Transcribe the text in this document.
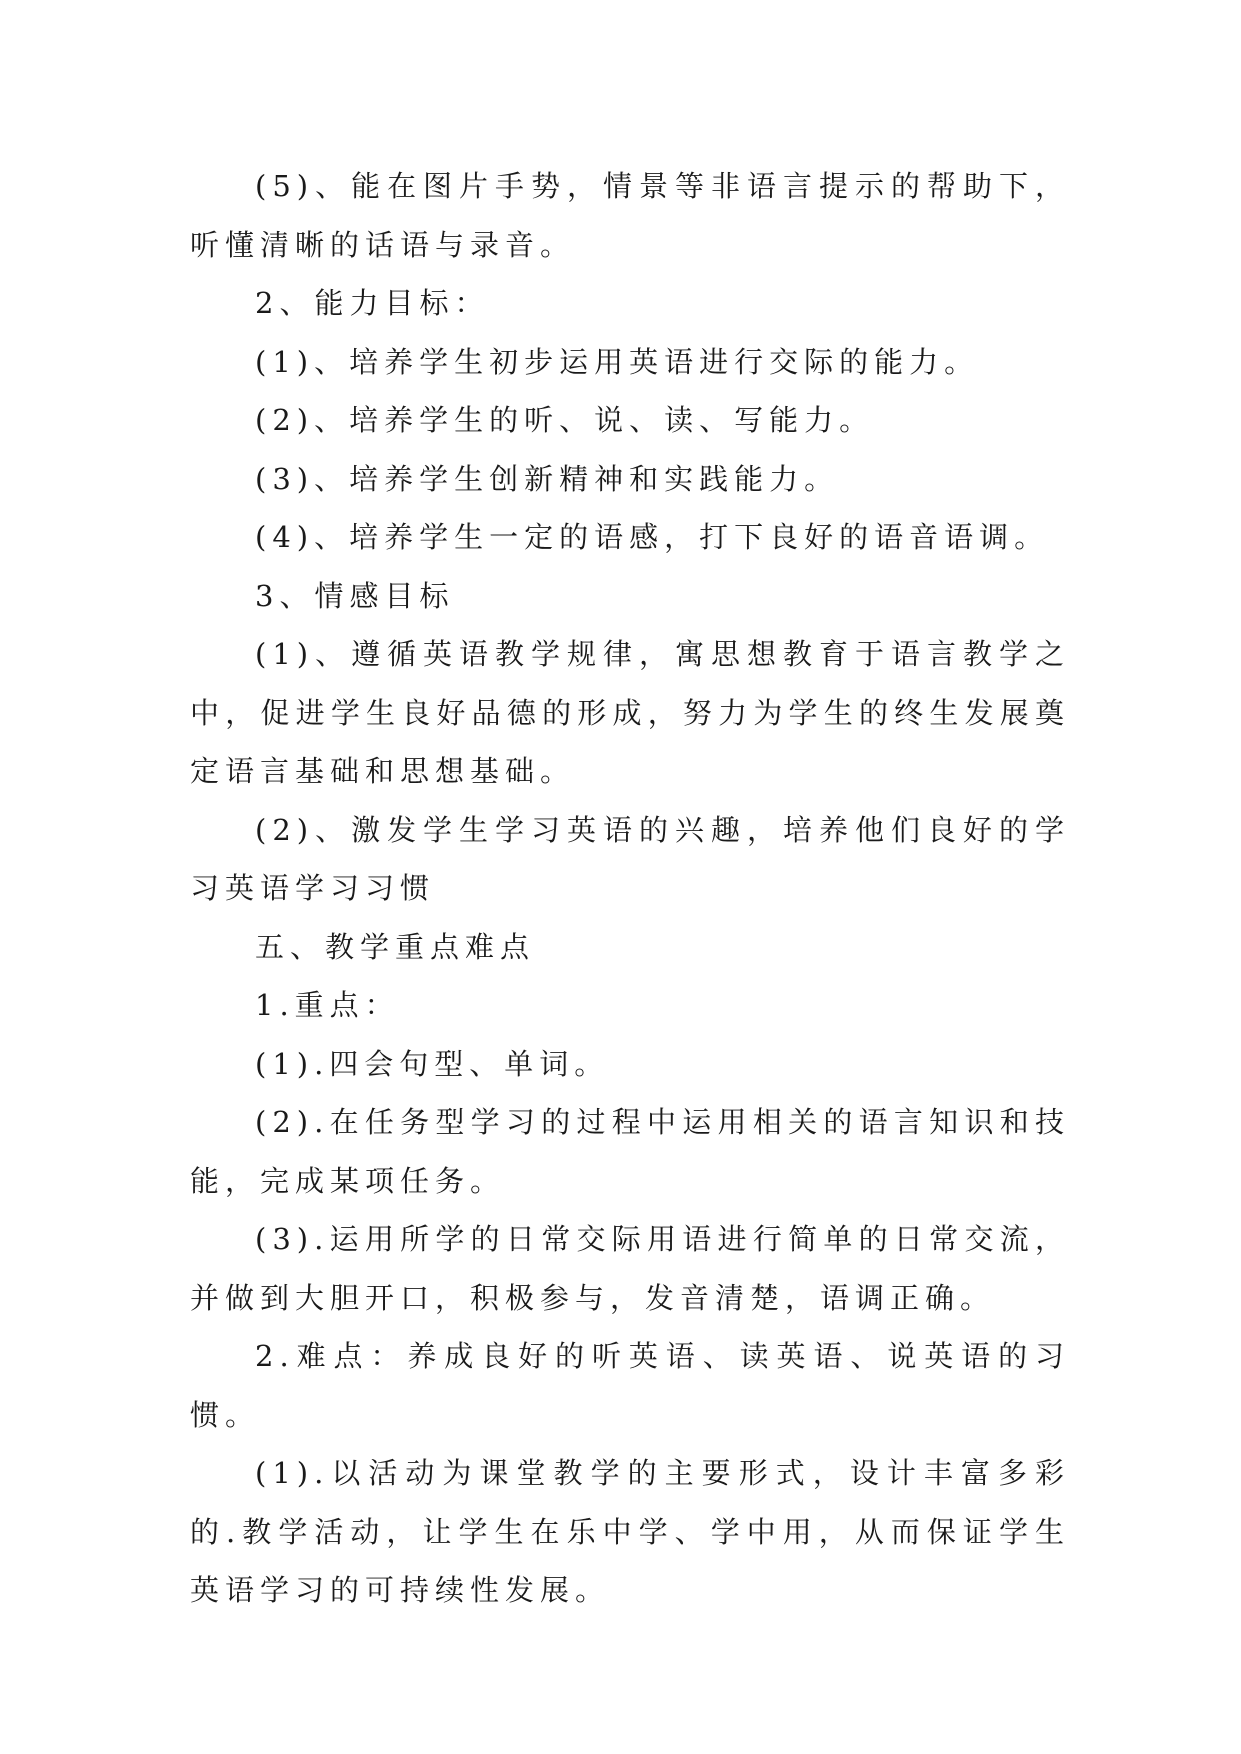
(5)、能在图片手势，情景等非语言提示的帮助下，听懂清晰的话语与录音。

2、能力目标：

(1)、培养学生初步运用英语进行交际的能力。

(2)、培养学生的听、说、读、写能力。

(3)、培养学生创新精神和实践能力。

(4)、培养学生一定的语感，打下良好的语音语调。

3、情感目标

(1)、遵循英语教学规律，寓思想教育于语言教学之中，促进学生良好品德的形成，努力为学生的终生发展奠定语言基础和思想基础。

(2)、激发学生学习英语的兴趣，培养他们良好的学习英语学习习惯

五、教学重点难点

1.重点：

(1).四会句型、单词。

(2).在任务型学习的过程中运用相关的语言知识和技能，完成某项任务。

(3).运用所学的日常交际用语进行简单的日常交流，并做到大胆开口，积极参与，发音清楚，语调正确。

2.难点：养成良好的听英语、读英语、说英语的习惯。

(1).以活动为课堂教学的主要形式，设计丰富多彩的.教学活动，让学生在乐中学、学中用，从而保证学生英语学习的可持续性发展。
